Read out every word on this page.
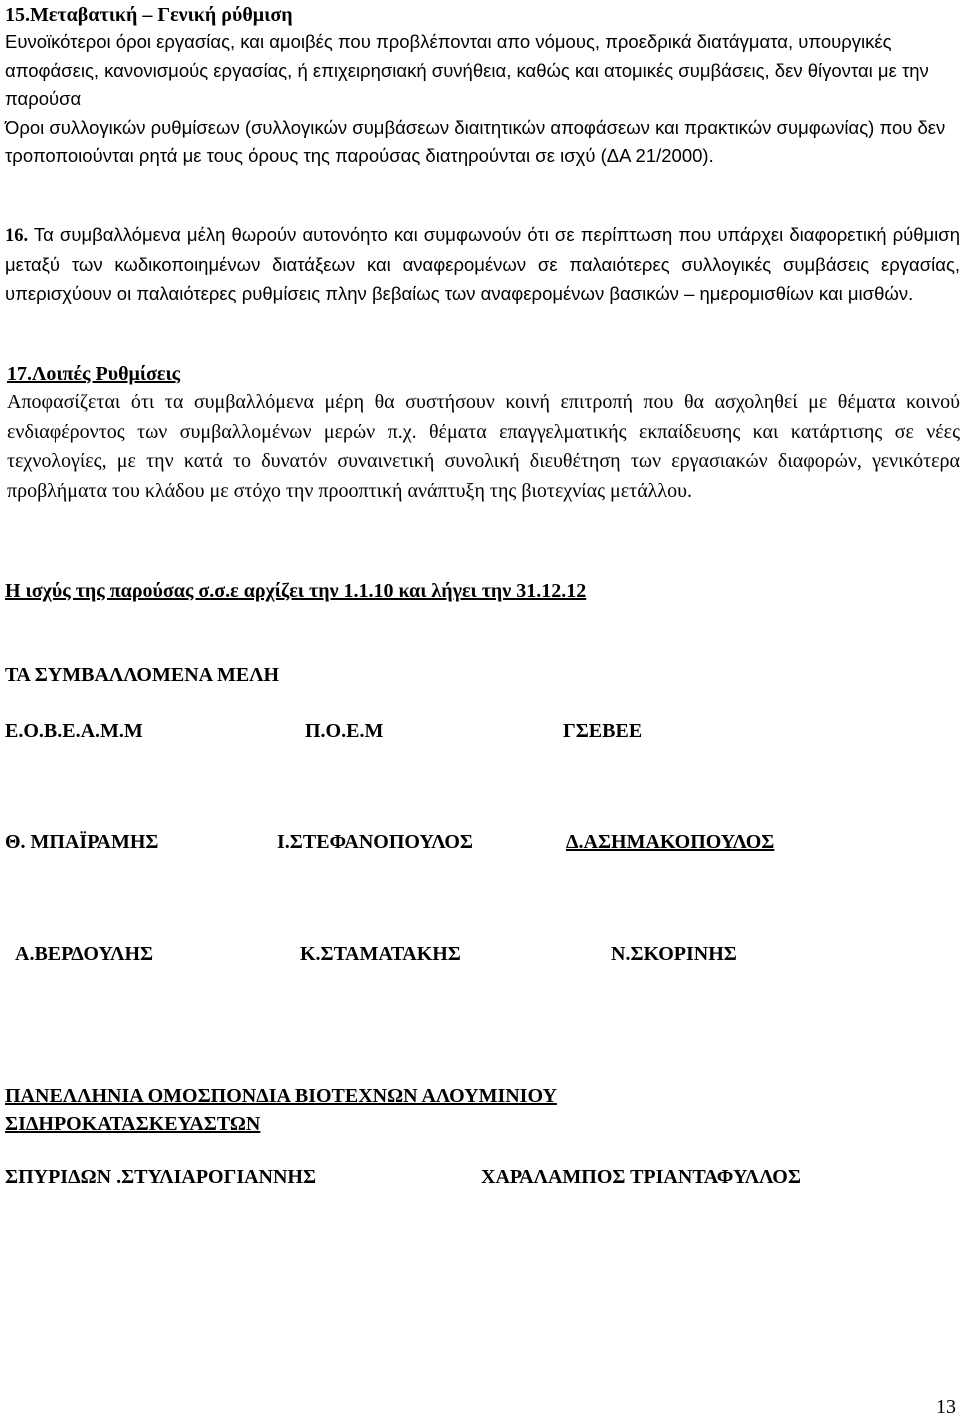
15.Μεταβατική – Γενική ρύθμιση

Ευνοϊκότεροι όροι εργασίας, και αμοιβές που προβλέπονται απο νόμους, προεδρικά διατάγματα, υπουργικές αποφάσεις, κανονισμούς εργασίας, ή επιχειρησιακή συνήθεια, καθώς και ατομικές συμβάσεις, δεν θίγονται με την παρούσα

Όροι συλλογικών ρυθμίσεων (συλλογικών συμβάσεων διαιτητικών αποφάσεων και πρακτικών συμφωνίας) που δεν τροποποιούνται ρητά με τους όρους της παρούσας διατηρούνται σε ισχύ (ΔΑ 21/2000).

16. Τα συμβαλλόμενα μέλη θωρούν αυτονόητο και συμφωνούν ότι σε περίπτωση που υπάρχει διαφορετική ρύθμιση μεταξύ των κωδικοποιημένων διατάξεων και αναφερομένων σε παλαιότερες συλλογικές συμβάσεις εργασίας, υπερισχύουν οι παλαιότερες ρυθμίσεις πλην βεβαίως των αναφερομένων βασικών – ημερομισθίων και μισθών.

17.Λοιπές Ρυθμίσεις

Αποφασίζεται ότι τα συμβαλλόμενα μέρη θα συστήσουν κοινή επιτροπή που θα ασχοληθεί με θέματα κοινού ενδιαφέροντος των συμβαλλομένων μερών π.χ. θέματα επαγγελματικής εκπαίδευσης και κατάρτισης σε νέες τεχνολογίες, με την κατά το δυνατόν συναινετική συνολική διευθέτηση των εργασιακών διαφορών, γενικότερα προβλήματα του κλάδου με στόχο την προοπτική ανάπτυξη της βιοτεχνίας μετάλλου.

Η ισχύς της παρούσας σ.σ.ε αρχίζει την 1.1.10 και λήγει την 31.12.12

ΤΑ ΣΥΜΒΑΛΛΟΜΕΝΑ ΜΕΛΗ

Ε.Ο.Β.Ε.Α.Μ.Μ	Π.Ο.Ε.Μ	ΓΣΕΒΕΕ
Θ. ΜΠΑΪΡΑΜΗΣ	Ι.ΣΤΕΦΑΝΟΠΟΥΛΟΣ	Δ.ΑΣΗΜΑΚΟΠΟΥΛΟΣ
Α.ΒΕΡΔΟΥΛΗΣ	Κ.ΣΤΑΜΑΤΑΚΗΣ	Ν.ΣΚΟΡΙΝΗΣ

ΠΑΝΕΛΛΗΝΙΑ ΟΜΟΣΠΟΝΔΙΑ ΒΙΟΤΕΧΝΩΝ ΑΛΟΥΜΙΝΙΟΥ
ΣΙΔΗΡΟΚΑΤΑΣΚΕΥΑΣΤΩΝ

ΣΠΥΡΙΔΩΝ .ΣΤΥΛΙΑΡΟΓΙΑΝΝΗΣ	ΧΑΡΑΛΑΜΠΟΣ ΤΡΙΑΝΤΑΦΥΛΛΟΣ
13
